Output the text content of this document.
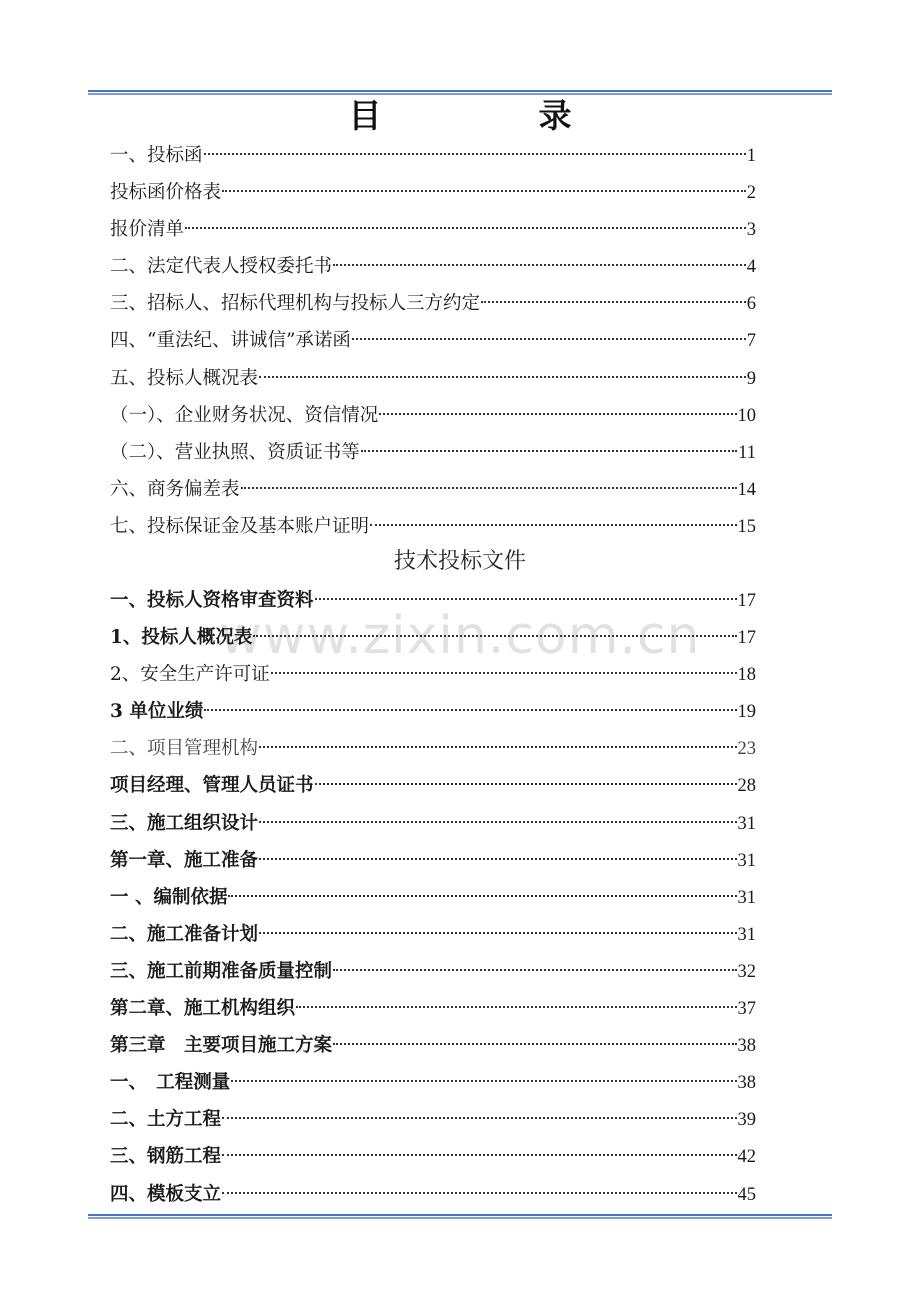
目　录
一、投标函	1
投标函价格表	2
报价清单	3
二、法定代表人授权委托书	4
三、招标人、招标代理机构与投标人三方约定	6
四、“重法纪、讲诚信”承诺函	7
五、投标人概况表	9
（一）、企业财务状况、资信情况	10
（二）、营业执照、资质证书等	11
六、商务偏差表	14
七、投标保证金及基本账户证明	15
技术投标文件
www.zixin.com.cn
一、投标人资格审查资料	17
1、投标人概况表	17
2、安全生产许可证	18
3 单位业绩	19
二、项目管理机构	23
项目经理、管理人员证书	28
三、施工组织设计	31
第一章、施工准备	31
一 、编制依据	31
二、施工准备计划	31
三、施工前期准备质量控制	32
第二章、施工机构组织	37
第三章　主要项目施工方案	38
一、　工程测量	38
二、土方工程	39
三、钢筋工程	42
四、模板支立	45
